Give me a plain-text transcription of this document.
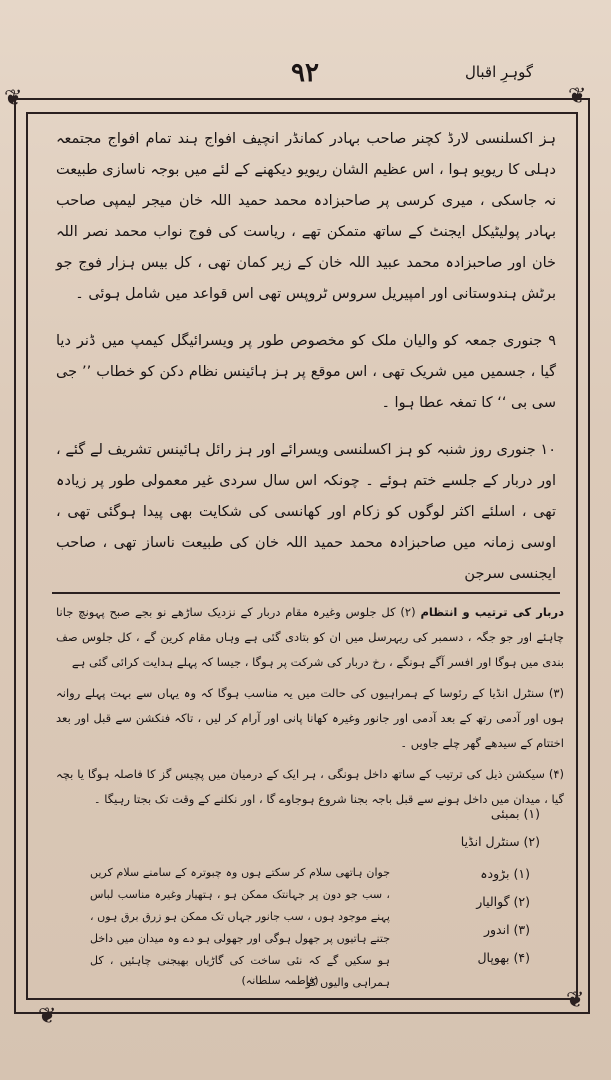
٩٢	گوہرِ اقبال
❦	❦
❦
❦

ہز اکسلنسی لارڈ کچنر صاحب بہادر کمانڈر انچیف افواج ہند تمام افواج مجتمعہ دہلی کا ریویو ہوا ، اس عظیم الشان ریویو دیکھنے کے لئے میں بوجہ ناسازی طبیعت نہ جاسکی ، میری کرسی پر صاحبزادہ محمد حمید اللہ خان میجر لیمپی صاحب بہادر پولیٹیکل ایجنٹ کے ساتھ متمکن تھے ، ریاست کی فوج نواب محمد نصر اللہ خان اور صاحبزادہ محمد عبید اللہ خان کے زیر کمان تھی ، کل بیس ہزار فوج جو برٹش ہندوستانی اور امپیریل سروس ٹروپس تھی اس قواعد میں شامل ہوئی ۔

۹ جنوری جمعہ کو والیان ملک کو مخصوص طور پر ویسرائیگل کیمپ میں ڈنر دیا گیا ، جسمیں میں شریک تھی ، اس موقع پر ہز ہائینس نظام دکن کو خطاب ’’ جی سی بی ‘‘ کا تمغہ عطا ہوا ۔

۱۰ جنوری روز شنبہ کو ہز اکسلنسی ویسرائے اور ہز رائل ہائینس تشریف لے گئے ، اور دربار کے جلسے ختم ہوئے ۔ چونکہ اس سال سردی غیر معمولی طور پر زیادہ تھی ، اسلئے اکثر لوگوں کو زکام اور کھانسی کی شکایت بھی پیدا ہوگئی تھی ، اوسی زمانہ میں صاحبزادہ محمد حمید اللہ خان کی طبیعت ناساز تھی ، صاحب ایجنسی سرجن

دربار کی ترتیب و انتظام (۲) کل جلوس وغیرہ مقام دربار کے نزدیک ساڑھے نو بجے صبح پہونچ جانا چاہئے اور جو جگہ ، دسمبر کی ریہرسل میں ان کو بتادی گئی ہے وہاں مقام کرین گے ، کل جلوس صف بندی میں ہوگا اور افسر آگے ہونگے ، رخ دربار کی شرکت پر ہوگا ، جیسا کہ پہلے ہدایت کرائی گئی ہے

(۳) سنٹرل انڈیا کے رئوسا کے ہمراہیوں کی حالت میں یہ مناسب ہوگا کہ وہ یہاں سے بہت پہلے روانہ ہوں اور آدمی رتھ کے بعد آدمی اور جانور وغیرہ کھانا پانی اور آرام کر لیں ، تاکہ فنکشن سے قبل اور بعد اختتام کے سیدھے گھر چلے جاویں ۔

(۴) سیکشن ذیل کی ترتیب کے ساتھ داخل ہونگی ، ہر ایک کے درمیان میں پچیس گز کا فاصلہ ہوگا یا بچہ گیا ، میدان میں داخل ہونے سے قبل باجہ بجنا شروع ہوجاوے گا ، اور نکلنے کے وقت تک بجتا رہیگا ۔

(۱) بمبئی
(۲) سنٹرل انڈیا
(۱) بڑودہ
(۲) گوالیار
(۳) اندور
(۴) بھوپال
جوان ہاتھی سلام کر سکتے ہوں وہ چبوترہ کے سامنے سلام کریں ، سب جو دون پر جہانتک ممکن ہو ، ہتھیار وغیرہ مناسب لباس پہنے موجود ہوں ، سب جانور جہاں تک ممکن ہو زرق برق ہوں ، جتنے ہاتیوں پر جھول ہوگی اور جھولی ہو دے وہ میدان میں داخل ہو سکیں گے کہ نئی ساخت کی گاڑیاں بھیجنی چاہئیں ، کل ہمراہی والیوں کو
(فاطمہ سلطانہ)
